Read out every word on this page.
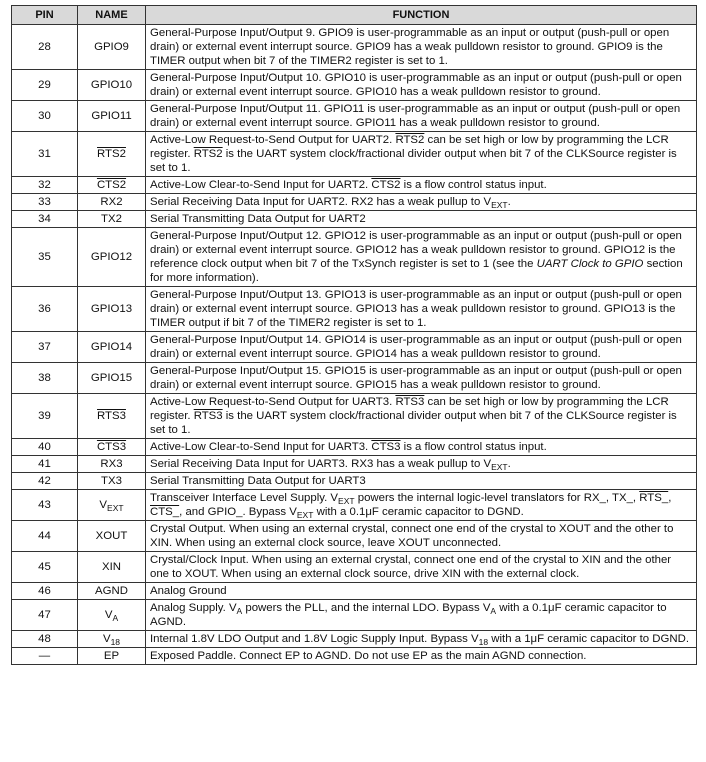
PIN	NAME	FUNCTION
28	GPIO9	General-Purpose Input/Output 9. GPIO9 is user-programmable as an input or output (push-pull or open drain) or external event interrupt source. GPIO9 has a weak pulldown resistor to ground. GPIO9 is the TIMER output when bit 7 of the TIMER2 register is set to 1.
29	GPIO10	General-Purpose Input/Output 10. GPIO10 is user-programmable as an input or output (push-pull or open drain) or external event interrupt source. GPIO10 has a weak pulldown resistor to ground.
30	GPIO11	General-Purpose Input/Output 11. GPIO11 is user-programmable as an input or output (push-pull or open drain) or external event interrupt source. GPIO11 has a weak pulldown resistor to ground.
31	RTS2	Active-Low Request-to-Send Output for UART2. RTS2 can be set high or low by programming the LCR register. RTS2 is the UART system clock/fractional divider output when bit 7 of the CLKSource register is set to 1.
32	CTS2	Active-Low Clear-to-Send Input for UART2. CTS2 is a flow control status input.
33	RX2	Serial Receiving Data Input for UART2. RX2 has a weak pullup to $V_{EXT}$.
34	TX2	Serial Transmitting Data Output for UART2
35	GPIO12	General-Purpose Input/Output 12. GPIO12 is user-programmable as an input or output (push-pull or open drain) or external event interrupt source. GPIO12 has a weak pulldown resistor to ground. GPIO12 is the reference clock output when bit 7 of the TxSynch register is set to 1 (see the UART Clock to GPIO section for more information).
36	GPIO13	General-Purpose Input/Output 13. GPIO13 is user-programmable as an input or output (push-pull or open drain) or external event interrupt source. GPIO13 has a weak pulldown resistor to ground. GPIO13 is the TIMER output if bit 7 of the TIMER2 register is set to 1.
37	GPIO14	General-Purpose Input/Output 14. GPIO14 is user-programmable as an input or output (push-pull or open drain) or external event interrupt source. GPIO14 has a weak pulldown resistor to ground.
38	GPIO15	General-Purpose Input/Output 15. GPIO15 is user-programmable as an input or output (push-pull or open drain) or external event interrupt source. GPIO15 has a weak pulldown resistor to ground.
39	RTS3	Active-Low Request-to-Send Output for UART3. RTS3 can be set high or low by programming the LCR register. RTS3 is the UART system clock/fractional divider output when bit 7 of the CLKSource register is set to 1.
40	CTS3	Active-Low Clear-to-Send Input for UART3. CTS3 is a flow control status input.
41	RX3	Serial Receiving Data Input for UART3. RX3 has a weak pullup to $V_{EXT}$.
42	TX3	Serial Transmitting Data Output for UART3
43	$V_{EXT}$	Transceiver Interface Level Supply. $V_{EXT}$ powers the internal logic-level translators for RX_, TX_, RTS_, CTS_, and GPIO_. Bypass $V_{EXT}$ with a 0.1μF ceramic capacitor to DGND.
44	XOUT	Crystal Output. When using an external crystal, connect one end of the crystal to XOUT and the other to XIN. When using an external clock source, leave XOUT unconnected.
45	XIN	Crystal/Clock Input. When using an external crystal, connect one end of the crystal to XIN and the other one to XOUT. When using an external clock source, drive XIN with the external clock.
46	AGND	Analog Ground
47	$V_A$	Analog Supply. $V_A$ powers the PLL, and the internal LDO. Bypass $V_A$ with a 0.1μF ceramic capacitor to AGND.
48	$V_{18}$	Internal 1.8V LDO Output and 1.8V Logic Supply Input. Bypass $V_{18}$ with a 1μF ceramic capacitor to DGND.
—	EP	Exposed Paddle. Connect EP to AGND. Do not use EP as the main AGND connection.
